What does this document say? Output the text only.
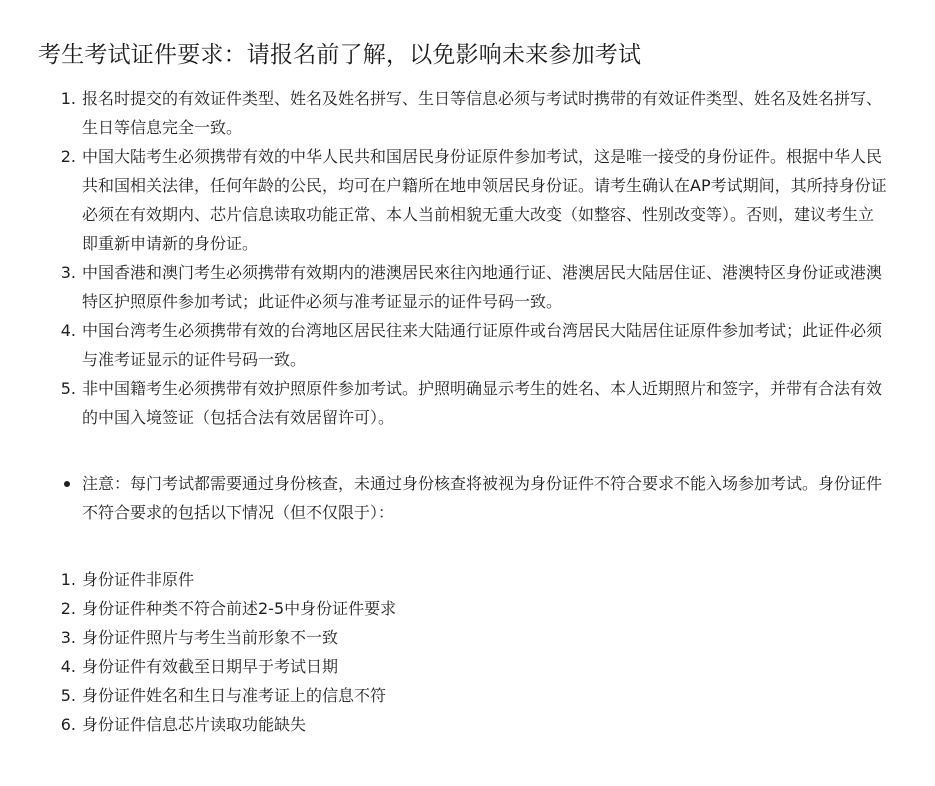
考生考试证件要求：请报名前了解，以免影响未来参加考试
1. 报名时提交的有效证件类型、姓名及姓名拼写、生日等信息必须与考试时携带的有效证件类型、姓名及姓名拼写、生日等信息完全一致。
2. 中国大陆考生必须携带有效的中华人民共和国居民身份证原件参加考试，这是唯一接受的身份证件。根据中华人民共和国相关法律，任何年龄的公民，均可在户籍所在地申领居民身份证。请考生确认在AP考试期间，其所持身份证必须在有效期内、芯片信息读取功能正常、本人当前相貌无重大改变（如整容、性别改变等）。否则，建议考生立即重新申请新的身份证。
3. 中国香港和澳门考生必须携带有效期内的港澳居民來往內地通行证、港澳居民大陆居住证、港澳特区身份证或港澳特区护照原件参加考试；此证件必须与准考证显示的证件号码一致。
4. 中国台湾考生必须携带有效的台湾地区居民往来大陆通行证原件或台湾居民大陆居住证原件参加考试；此证件必须与准考证显示的证件号码一致。
5. 非中国籍考生必须携带有效护照原件参加考试。护照明确显示考生的姓名、本人近期照片和签字，并带有合法有效的中国入境签证（包括合法有效居留许可）。
注意：每门考试都需要通过身份核查，未通过身份核查将被视为身份证件不符合要求不能入场参加考试。身份证件不符合要求的包括以下情况（但不仅限于）：
1. 身份证件非原件
2. 身份证件种类不符合前述2-5中身份证件要求
3. 身份证件照片与考生当前形象不一致
4. 身份证件有效截至日期早于考试日期
5. 身份证件姓名和生日与准考证上的信息不符
6. 身份证件信息芯片读取功能缺失
